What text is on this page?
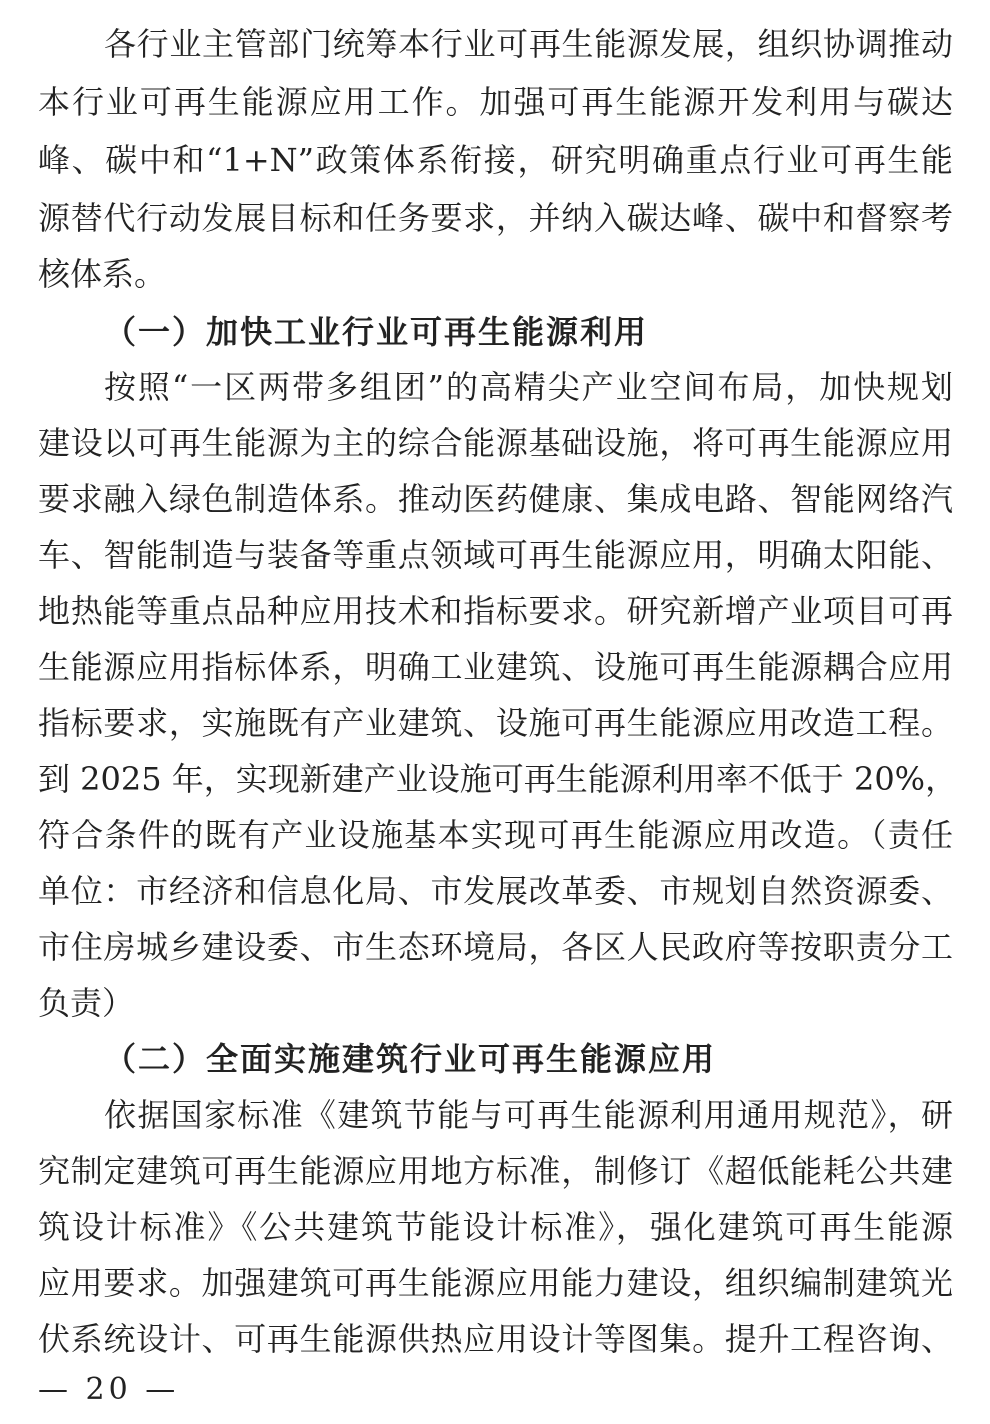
各行业主管部门统筹本行业可再生能源发展，组织协调推动
本行业可再生能源应用工作。加强可再生能源开发利用与碳达
峰、碳中和“1+N”政策体系衔接，研究明确重点行业可再生能
源替代行动发展目标和任务要求，并纳入碳达峰、碳中和督察考
核体系。
（一）加快工业行业可再生能源利用
按照“一区两带多组团”的高精尖产业空间布局，加快规划
建设以可再生能源为主的综合能源基础设施，将可再生能源应用
要求融入绿色制造体系。推动医药健康、集成电路、智能网络汽
车、智能制造与装备等重点领域可再生能源应用，明确太阳能、
地热能等重点品种应用技术和指标要求。研究新增产业项目可再
生能源应用指标体系，明确工业建筑、设施可再生能源耦合应用
指标要求，实施既有产业建筑、设施可再生能源应用改造工程。
到 2025 年，实现新建产业设施可再生能源利用率不低于 20%，
符合条件的既有产业设施基本实现可再生能源应用改造。（责任
单位：市经济和信息化局、市发展改革委、市规划自然资源委、
市住房城乡建设委、市生态环境局，各区人民政府等按职责分工
负责）
（二）全面实施建筑行业可再生能源应用
依据国家标准《建筑节能与可再生能源利用通用规范》，研
究制定建筑可再生能源应用地方标准，制修订《超低能耗公共建
筑设计标准》《公共建筑节能设计标准》，强化建筑可再生能源
应用要求。加强建筑可再生能源应用能力建设，组织编制建筑光
伏系统设计、可再生能源供热应用设计等图集。提升工程咨询、
— 20 —
